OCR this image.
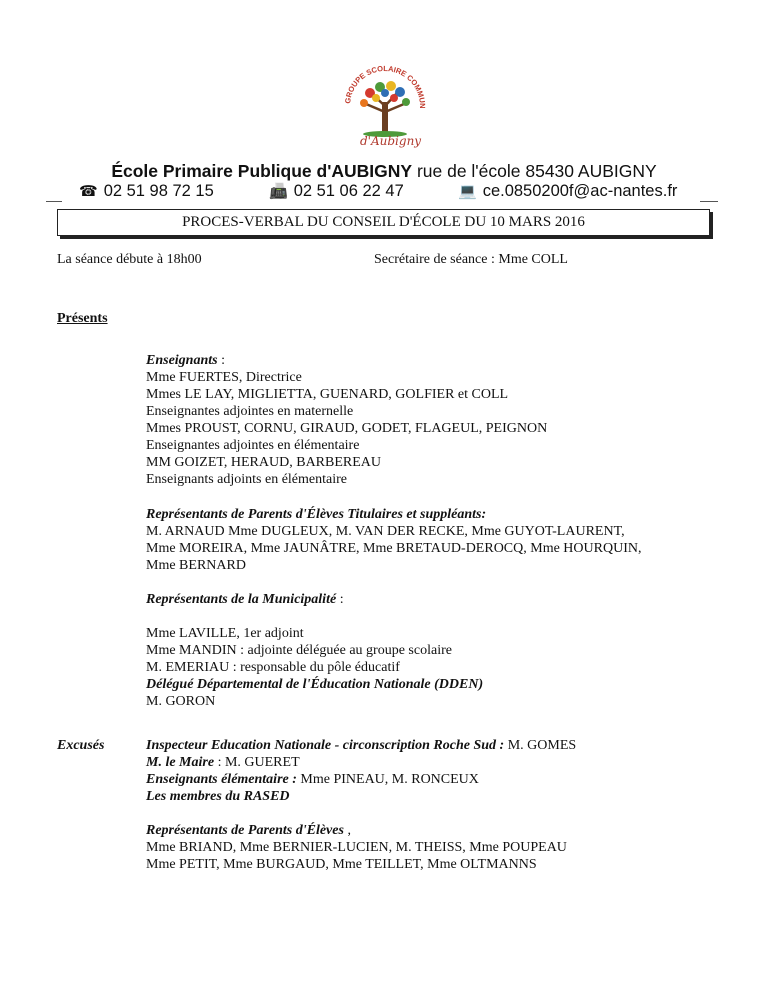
GROUPE SCOLAIRE COMMUN
d'Aubigny
École Primaire Publique d'AUBIGNY rue de l'école 85430 AUBIGNY
☎ 02 51 98 72 15	📠 02 51 06 22 47	💻 ce.0850200f@ac-nantes.fr
PROCES-VERBAL DU CONSEIL D'ÉCOLE DU 10 MARS 2016
La séance débute à 18h00	Secrétaire de séance : Mme COLL
Présents
Enseignants :
Mme FUERTES, Directrice
Mmes LE LAY, MIGLIETTA, GUENARD, GOLFIER et COLL
Enseignantes adjointes en maternelle
Mmes PROUST, CORNU, GIRAUD, GODET, FLAGEUL, PEIGNON
Enseignantes adjointes en élémentaire
MM GOIZET, HERAUD, BARBEREAU
Enseignants adjoints en élémentaire
Représentants de Parents d'Élèves Titulaires et suppléants:
M. ARNAUD Mme DUGLEUX, M. VAN DER RECKE, Mme GUYOT-LAURENT,
Mme MOREIRA, Mme JAUNÂTRE, Mme BRETAUD-DEROCQ, Mme HOURQUIN,
Mme BERNARD
Représentants de la Municipalité :
Mme LAVILLE, 1er adjoint
Mme MANDIN : adjointe déléguée au groupe scolaire
M. EMERIAU : responsable du pôle éducatif
Délégué Départemental de l'Éducation Nationale (DDEN)
M. GORON
Excusés	Inspecteur Education Nationale - circonscription Roche Sud : M. GOMES
M. le Maire : M. GUERET
Enseignants élémentaire : Mme PINEAU, M. RONCEUX
Les membres du RASED
Représentants de Parents d'Élèves ,
Mme BRIAND, Mme BERNIER-LUCIEN, M. THEISS, Mme POUPEAU
Mme PETIT, Mme BURGAUD, Mme TEILLET, Mme OLTMANNS
